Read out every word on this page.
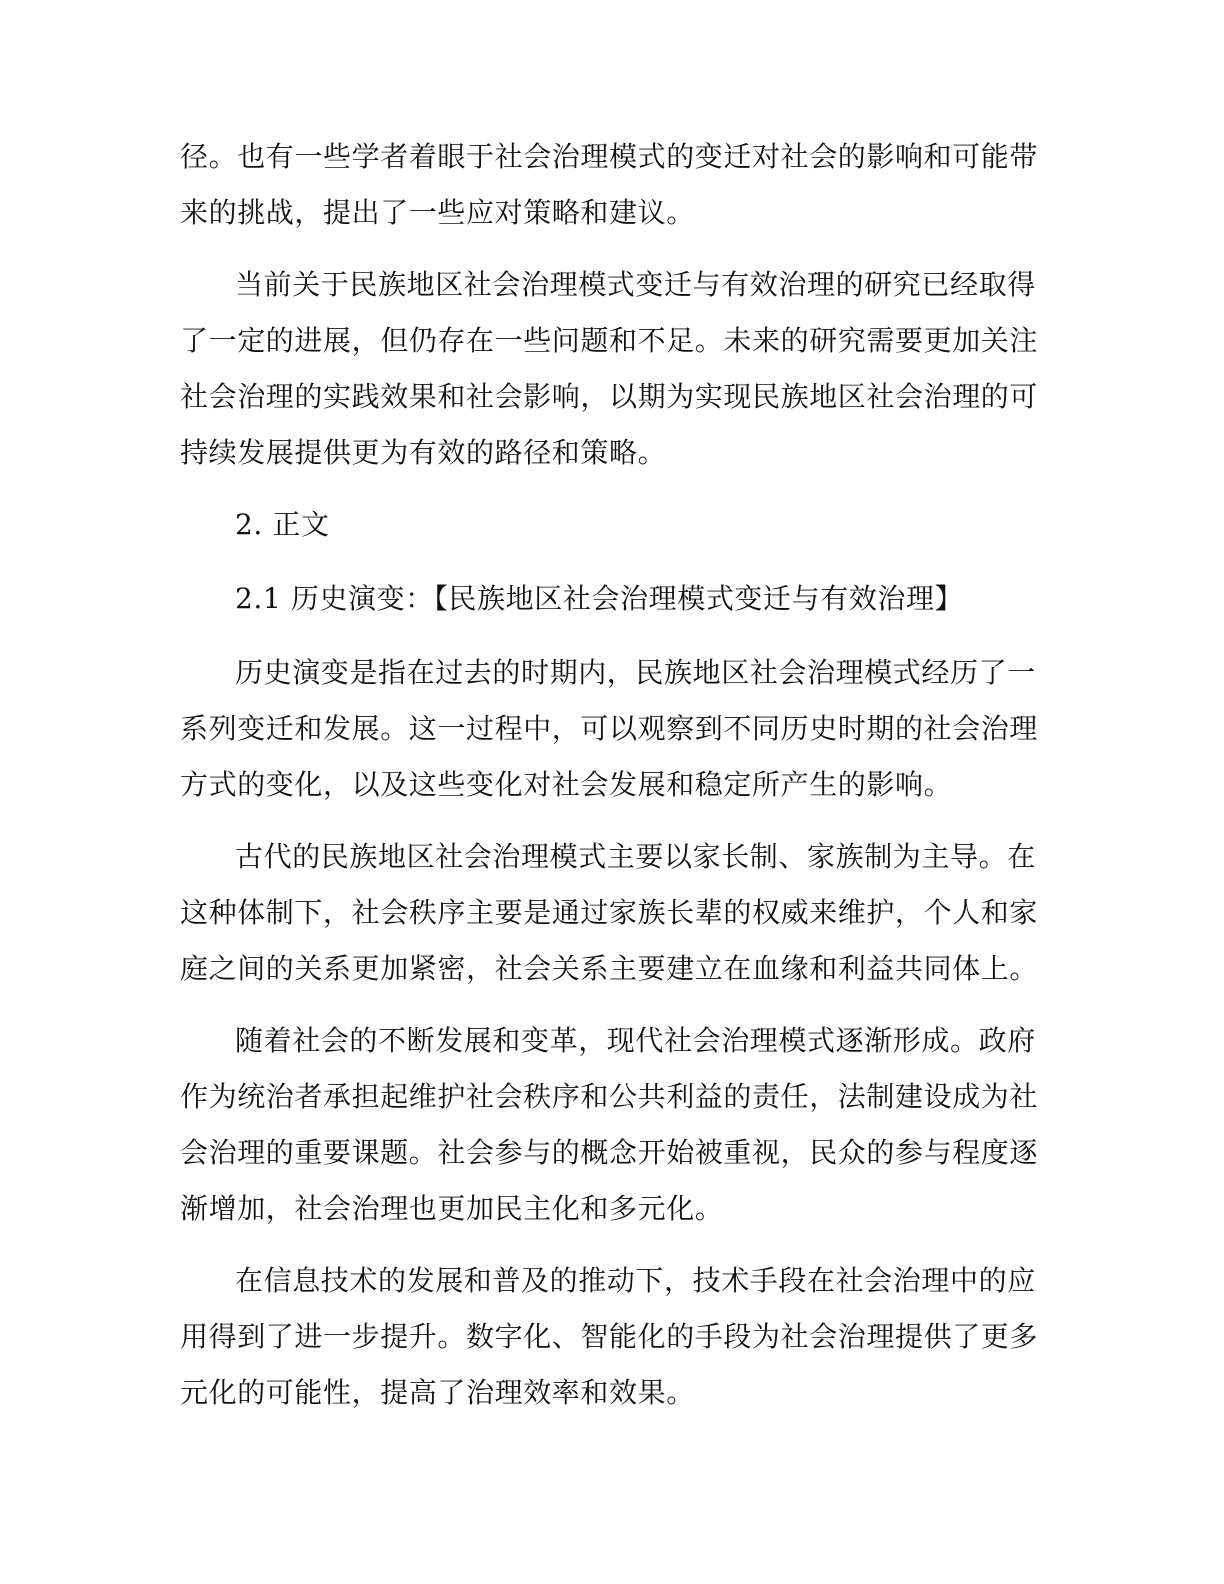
径。也有一些学者着眼于社会治理模式的变迁对社会的影响和可能带
来的挑战，提出了一些应对策略和建议。
当前关于民族地区社会治理模式变迁与有效治理的研究已经取得
了一定的进展，但仍存在一些问题和不足。未来的研究需要更加关注
社会治理的实践效果和社会影响，以期为实现民族地区社会治理的可
持续发展提供更为有效的路径和策略。
2. 正文
2.1 历史演变：【民族地区社会治理模式变迁与有效治理】
历史演变是指在过去的时期内，民族地区社会治理模式经历了一
系列变迁和发展。这一过程中，可以观察到不同历史时期的社会治理
方式的变化，以及这些变化对社会发展和稳定所产生的影响。
古代的民族地区社会治理模式主要以家长制、家族制为主导。在
这种体制下，社会秩序主要是通过家族长辈的权威来维护，个人和家
庭之间的关系更加紧密，社会关系主要建立在血缘和利益共同体上。
随着社会的不断发展和变革，现代社会治理模式逐渐形成。政府
作为统治者承担起维护社会秩序和公共利益的责任，法制建设成为社
会治理的重要课题。社会参与的概念开始被重视，民众的参与程度逐
渐增加，社会治理也更加民主化和多元化。
在信息技术的发展和普及的推动下，技术手段在社会治理中的应
用得到了进一步提升。数字化、智能化的手段为社会治理提供了更多
元化的可能性，提高了治理效率和效果。
